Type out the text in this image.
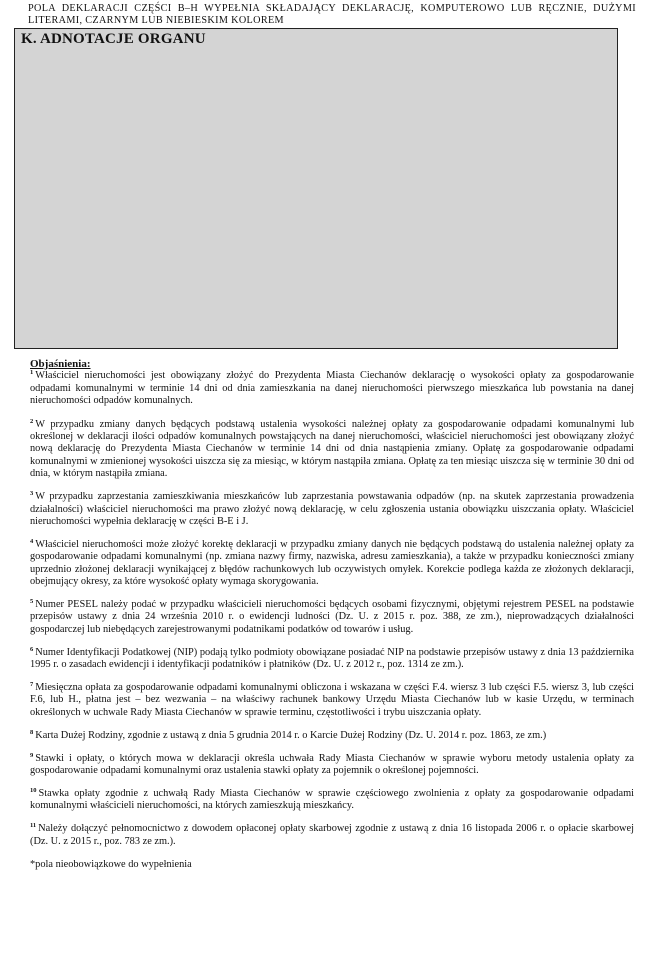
POLA DEKLARACJI CZĘŚCI B–H WYPEŁNIA SKŁADAJĄCY DEKLARACJĘ, KOMPUTEROWO LUB RĘCZNIE, DUŻYMI LITERAMI, CZARNYM LUB NIEBIESKIM KOLOREM
K. ADNOTACJE ORGANU

Objaśnienia:

$^1$ Właściciel nieruchomości jest obowiązany złożyć do Prezydenta Miasta Ciechanów deklarację o wysokości opłaty za gospodarowanie odpadami komunalnymi w terminie 14 dni od dnia zamieszkania na danej nieruchomości pierwszego mieszkańca lub powstania na danej nieruchomości odpadów komunalnych.

$^2$ W przypadku zmiany danych będących podstawą ustalenia wysokości należnej opłaty za gospodarowanie odpadami komunalnymi lub określonej w deklaracji ilości odpadów komunalnych powstających na danej nieruchomości, właściciel nieruchomości jest obowiązany złożyć nową deklarację do Prezydenta Miasta Ciechanów w terminie 14 dni od dnia nastąpienia zmiany. Opłatę za gospodarowanie odpadami komunalnymi w zmienionej wysokości uiszcza się za miesiąc, w którym nastąpiła zmiana. Opłatę za ten miesiąc uiszcza się w terminie 30 dni od dnia, w którym nastąpiła zmiana.

$^3$ W przypadku zaprzestania zamieszkiwania mieszkańców lub zaprzestania powstawania odpadów (np. na skutek zaprzestania prowadzenia działalności) właściciel nieruchomości ma prawo złożyć nową deklarację, w celu zgłoszenia ustania obowiązku uiszczania opłaty. Właściciel nieruchomości wypełnia deklarację w części B-E i J.

$^4$ Właściciel nieruchomości może złożyć korektę deklaracji w przypadku zmiany danych nie będących podstawą do ustalenia należnej opłaty za gospodarowanie odpadami komunalnymi (np. zmiana nazwy firmy, nazwiska, adresu zamieszkania), a także w przypadku konieczności zmiany uprzednio złożonej deklaracji wynikającej z błędów rachunkowych lub oczywistych omyłek. Korekcie podlega każda ze złożonych deklaracji, obejmujący okresy, za które wysokość opłaty wymaga skorygowania.

$^5$ Numer PESEL należy podać w przypadku właścicieli nieruchomości będących osobami fizycznymi, objętymi rejestrem PESEL na podstawie przepisów ustawy z dnia 24 września 2010 r. o ewidencji ludności (Dz. U. z 2015 r. poz. 388, ze zm.), nieprowadzących działalności gospodarczej lub niebędących zarejestrowanymi podatnikami podatków od towarów i usług.

$^6$ Numer Identyfikacji Podatkowej (NIP) podają tylko podmioty obowiązane posiadać NIP na podstawie przepisów ustawy z dnia 13 października 1995 r. o zasadach ewidencji i identyfikacji podatników i płatników (Dz. U. z 2012 r., poz. 1314 ze zm.).

$^7$ Miesięczna opłata za gospodarowanie odpadami komunalnymi obliczona i wskazana w części F.4. wiersz 3 lub części F.5. wiersz 3, lub części F.6, lub H., płatna jest – bez wezwania – na właściwy rachunek bankowy Urzędu Miasta Ciechanów lub w kasie Urzędu, w terminach określonych w uchwale Rady Miasta Ciechanów w sprawie terminu, częstotliwości i trybu uiszczania opłaty.

$^8$ Karta Dużej Rodziny, zgodnie z ustawą z dnia 5 grudnia 2014 r. o Karcie Dużej Rodziny (Dz. U. 2014 r. poz. 1863, ze zm.)

$^9$ Stawki i opłaty, o których mowa w deklaracji określa uchwała Rady Miasta Ciechanów w sprawie wyboru metody ustalenia opłaty za gospodarowanie odpadami komunalnymi oraz ustalenia stawki opłaty za pojemnik o określonej pojemności.

$^{10}$ Stawka opłaty zgodnie z uchwałą Rady Miasta Ciechanów w sprawie częściowego zwolnienia z opłaty za gospodarowanie odpadami komunalnymi właścicieli nieruchomości, na których zamieszkują mieszkańcy.

$^{11}$ Należy dołączyć pełnomocnictwo z dowodem opłaconej opłaty skarbowej zgodnie z ustawą z dnia 16 listopada 2006 r. o opłacie skarbowej (Dz. U. z 2015 r., poz. 783 ze zm.).

*pola nieobowiązkowe do wypełnienia
